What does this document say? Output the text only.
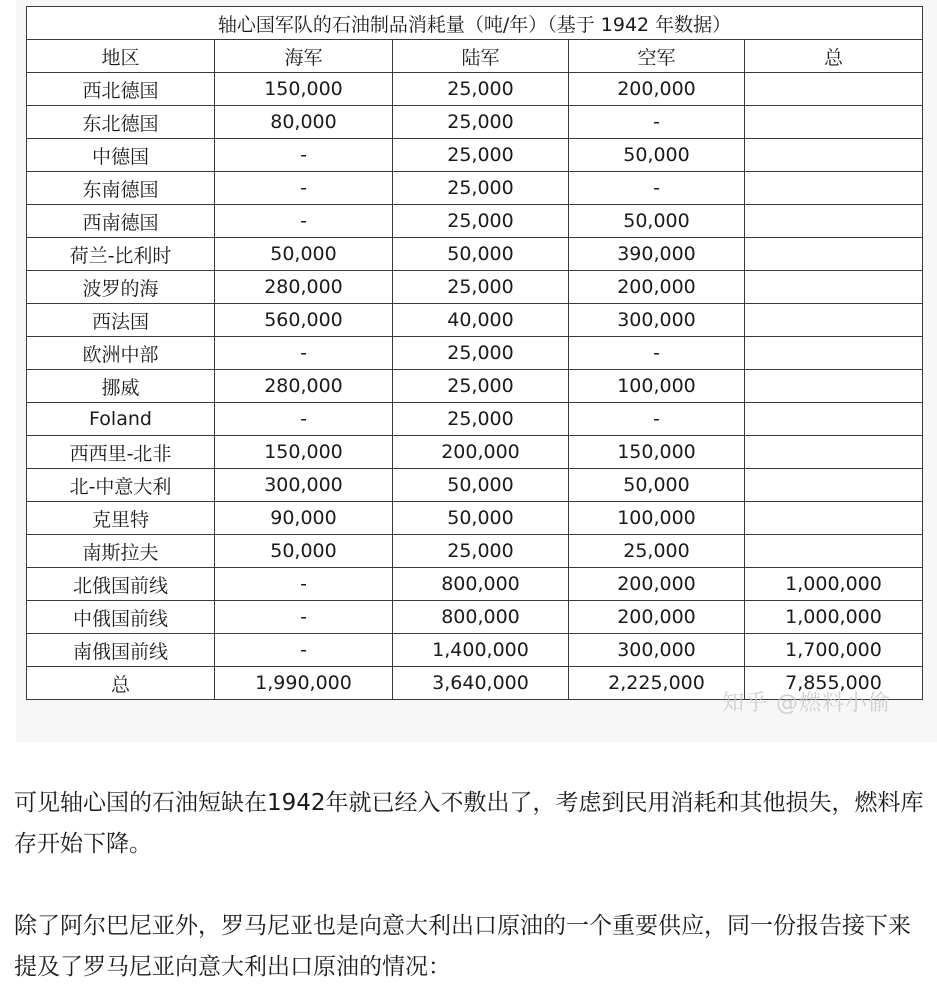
轴心国军队的石油制品消耗量（吨/年）（基于 1942 年数据）				
地区	海军	陆军	空军	总
西北德国	150,000	25,000	200,000	
东北德国	80,000	25,000	-	
中德国	-	25,000	50,000	
东南德国	-	25,000	-	
西南德国	-	25,000	50,000	
荷兰-比利时	50,000	50,000	390,000	
波罗的海	280,000	25,000	200,000	
西法国	560,000	40,000	300,000	
欧洲中部	-	25,000	-	
挪威	280,000	25,000	100,000	
Foland	-	25,000	-	
西西里-北非	150,000	200,000	150,000	
北-中意大利	300,000	50,000	50,000	
克里特	90,000	50,000	100,000	
南斯拉夫	50,000	25,000	25,000	
北俄国前线	-	800,000	200,000	1,000,000
中俄国前线	-	800,000	200,000	1,000,000
南俄国前线	-	1,400,000	300,000	1,700,000
总	1,990,000	3,640,000	2,225,000	7,855,000
知乎 @燃料小偷

可见轴心国的石油短缺在1942年就已经入不敷出了，考虑到民用消耗和其他损失，燃料库存开始下降。

除了阿尔巴尼亚外，罗马尼亚也是向意大利出口原油的一个重要供应，同一份报告接下来提及了罗马尼亚向意大利出口原油的情况：
